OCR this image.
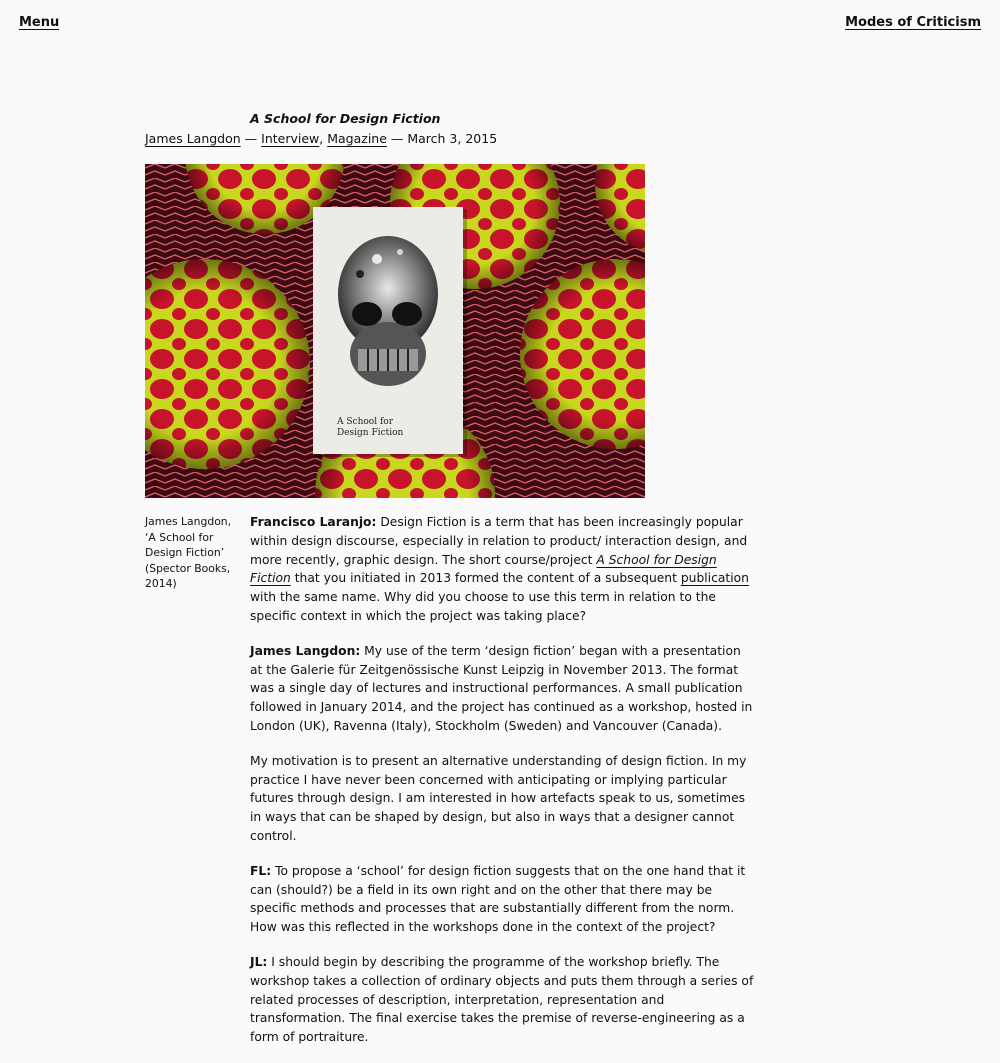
Menu	Modes of Criticism
A School for Design Fiction
James Langdon — Interview, Magazine — March 3, 2015
A School for
Design Fiction
James Langdon, ‘A School for Design Fiction’ (Spector Books, 2014)

Francisco Laranjo: Design Fiction is a term that has been increasingly popular within design discourse, especially in relation to product/ interaction design, and more recently, graphic design. The short course/project A School for Design Fiction that you initiated in 2013 formed the content of a subsequent publication with the same name. Why did you choose to use this term in relation to the specific context in which the project was taking place?

James Langdon: My use of the term ‘design fiction’ began with a presentation at the Galerie für Zeitgenössische Kunst Leipzig in November 2013. The format was a single day of lectures and instructional performances. A small publication followed in January 2014, and the project has continued as a workshop, hosted in London (UK), Ravenna (Italy), Stockholm (Sweden) and Vancouver (Canada).

My motivation is to present an alternative understanding of design fiction. In my practice I have never been concerned with anticipating or implying particular futures through design. I am interested in how artefacts speak to us, sometimes in ways that can be shaped by design, but also in ways that a designer cannot control.

FL: To propose a ‘school’ for design fiction suggests that on the one hand that it can (should?) be a field in its own right and on the other that there may be specific methods and processes that are substantially different from the norm. How was this reflected in the workshops done in the context of the project?

JL: I should begin by describing the programme of the workshop briefly. The workshop takes a collection of ordinary objects and puts them through a series of related processes of description, interpretation, representation and transformation. The final exercise takes the premise of reverse-engineering as a form of portraiture.
